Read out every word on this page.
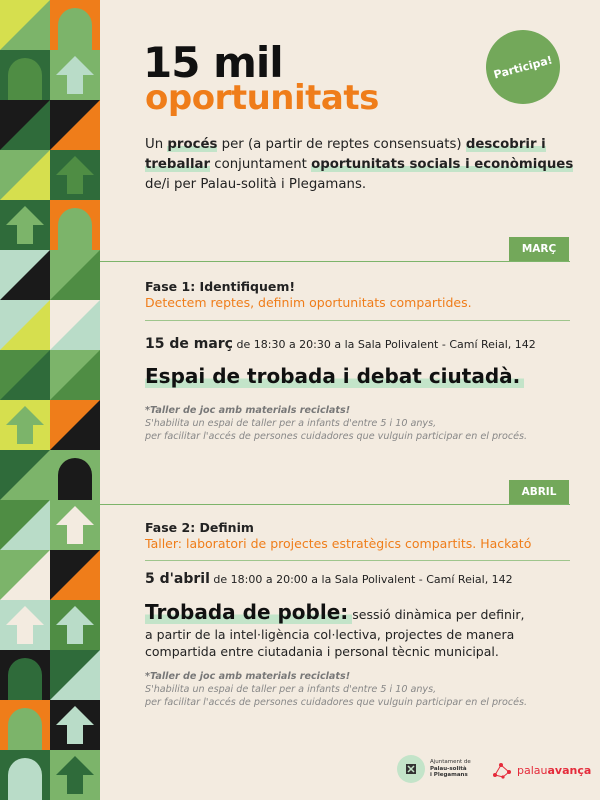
15 mil
oportunitats
Participa!
Un procés per (a partir de reptes consensuats) descobrir i treballar conjuntament oportunitats socials i econòmiques de/i per Palau-solità i Plegamans.
MARÇ
Fase 1: Identifiquem!
Detectem reptes, definim oportunitats compartides.
15 de març de 18:30 a 20:30 a la Sala Polivalent - Camí Reial, 142
Espai de trobada i debat ciutadà.
*Taller de joc amb materials reciclats!
S'habilita un espai de taller per a infants d'entre 5 i 10 anys,
per facilitar l'accés de persones cuidadores que vulguin participar en el procés.
ABRIL
Fase 2: Definim
Taller: laboratori de projectes estratègics compartits. Hackató
5 d'abril de 18:00 a 20:00 a la Sala Polivalent - Camí Reial, 142
Trobada de poble: sessió dinàmica per definir,
a partir de la intel·ligència col·lectiva, projectes de manera
compartida entre ciutadania i personal tècnic municipal.
*Taller de joc amb materials reciclats!
S'habilita un espai de taller per a infants d'entre 5 i 10 anys,
per facilitar l'accés de persones cuidadores que vulguin participar en el procés.
Ajuntament de
Palau-solità
i Plegamans	palauavança
